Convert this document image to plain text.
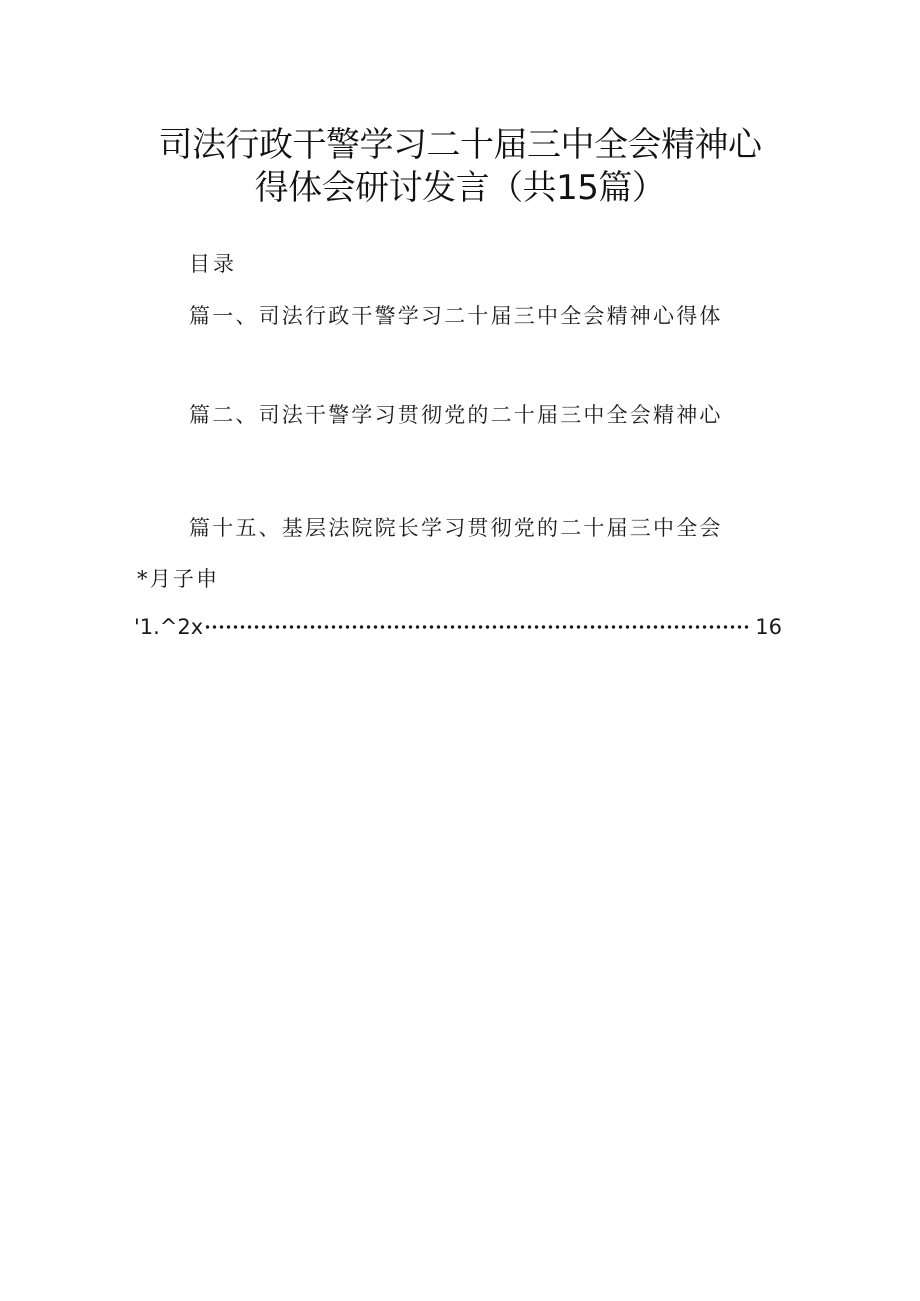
司法行政干警学习二十届三中全会精神心
得体会研讨发言（共15篇）
目录
篇一、司法行政干警学习二十届三中全会精神心得体
篇二、司法干警学习贯彻党的二十届三中全会精神心
篇十五、基层法院院长学习贯彻党的二十届三中全会
*月子申
'1.^2x	16
